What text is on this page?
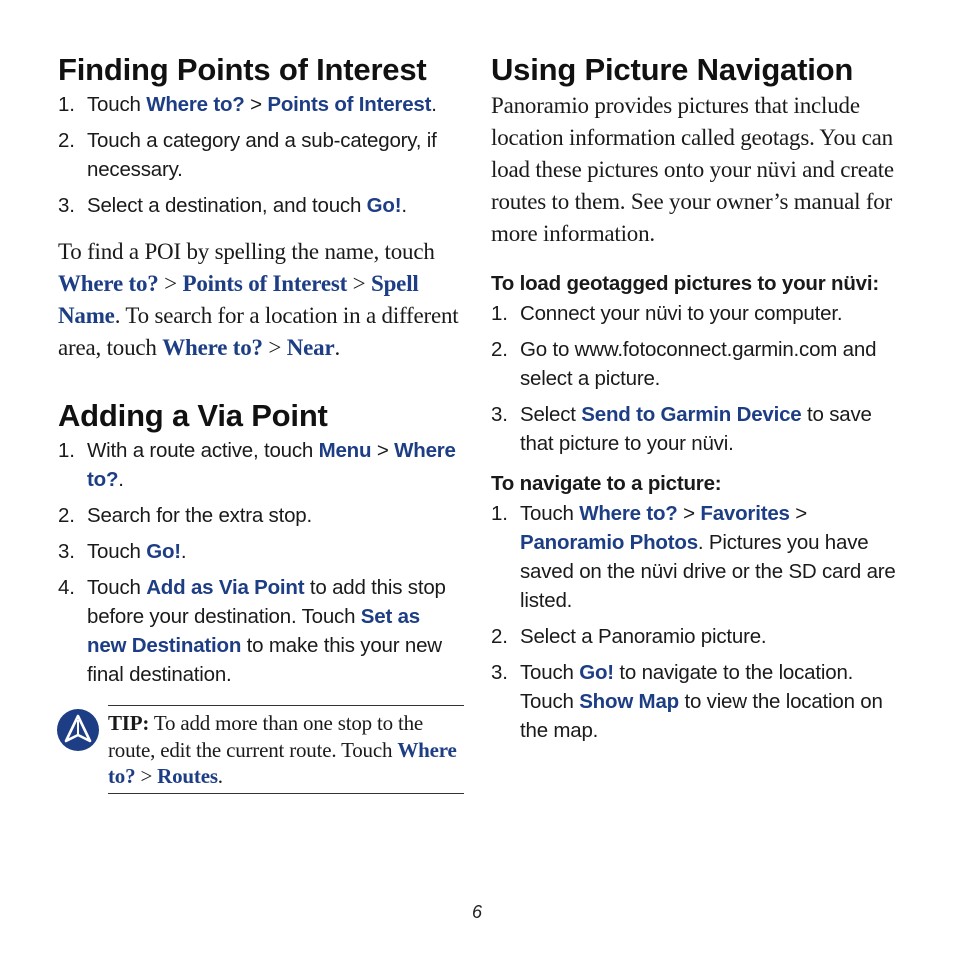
Finding Points of Interest
1. Touch Where to? > Points of Interest.
2. Touch a category and a sub-category, if necessary.
3. Select a destination, and touch Go!.

To find a POI by spelling the name, touch Where to? > Points of Interest > Spell Name. To search for a location in a different area, touch Where to? > Near.

Adding a Via Point
1. With a route active, touch Menu > Where to?.
2. Search for the extra stop.
3. Touch Go!.
4. Touch Add as Via Point to add this stop before your destination. Touch Set as new Destination to make this your new final destination.

TIP: To add more than one stop to the route, edit the current route. Touch Where to? > Routes.

Using Picture Navigation

Panoramio provides pictures that include location information called geotags. You can load these pictures onto your nüvi and create routes to them. See your owner’s manual for more information.

To load geotagged pictures to your nüvi:

1. Connect your nüvi to your computer.
2. Go to www.fotoconnect.garmin.com and select a picture.
3. Select Send to Garmin Device to save that picture to your nüvi.

To navigate to a picture:

1. Touch Where to? > Favorites > Panoramio Photos. Pictures you have saved on the nüvi drive or the SD card are listed.
2. Select a Panoramio picture.
3. Touch Go! to navigate to the location. Touch Show Map to view the location on the map.
6
